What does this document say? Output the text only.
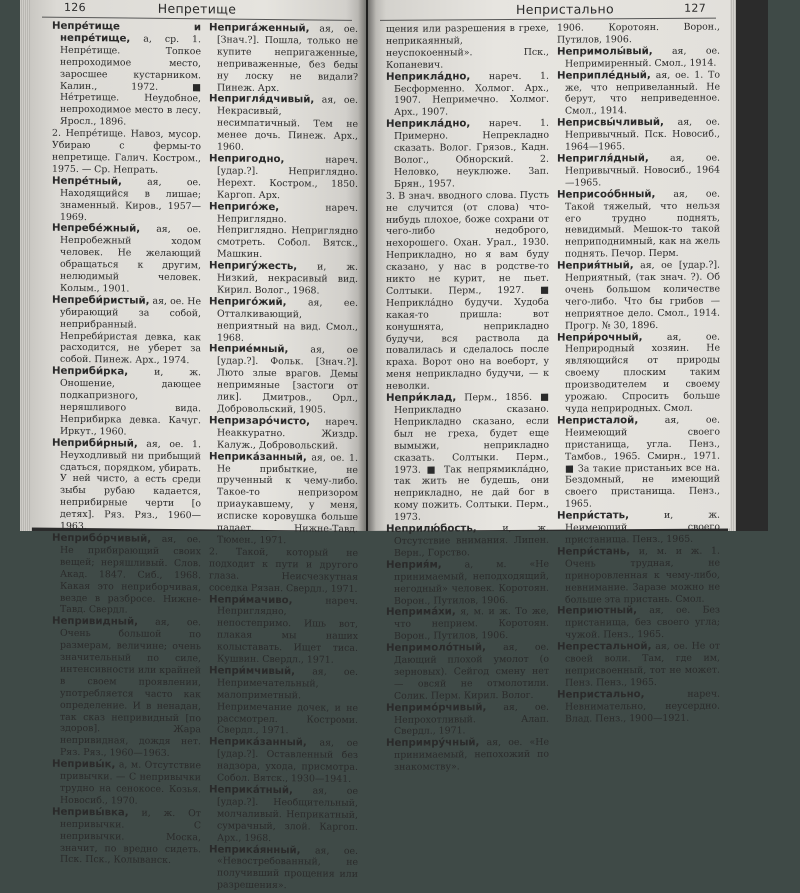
126	Непретище

Непре́тище и непре́тище, а, ср. 1. Непре́тище. Топкое непроходимое место, заросшее кустарником. Калин., 1972. ■ Не́третище. Неудобное, непроходимое место в лесу. Яросл., 1896.

2. Непре́тище. Навоз, мусор. Убираю с фермы-то непретище. Галич. Костром., 1975. — Ср. Непрать.

Непре́тный, ая, ое. Находящийся в лишае; знаменный. Киров., 1957—1969.

Непребе́жный, ая, ое. Непробежный ходом человек. Не желающий обращаться к другим, нелюдимый человек. Колым., 1901.

Непреби́ристый, ая, ое. Не убирающий за собой, неприбранный. Непреби́ристая девка, как расходится, не уберет за собой. Пинеж. Арх., 1974.

Неприби́рка, и, ж. Оношение, дающее подкапризного, неряшливого вида. Неприбирка девка. Качуг. Иркут., 1960.

Неприби́рный, ая, ое. 1. Неуходливый ни прибыщий сдаться, порядком, убирать. У ней чисто, а есть среди зыбы рубаю кадается, неприбирные черти [о детях]. Ряз. Ряз., 1960—1963.

Неприбо́рчивый, ая, ое. Не прибирающий своих вещей; неряшливый. Слов. Акад. 1847. Сиб., 1968. Какая это неприборчивая, везде в разбросе. Нижне-Тавд. Свердл.

Непривидный, ая, ое. Очень большой по размерам, величине; очень значительный по силе, интенсивности или крайней в своем проявлении, употребляется часто как определение. И в ненадан, так сказ непривидный [по здоров]. Жара непривидная, дождя нет. Ряз. Ряз., 1960—1963.

Непривы́к, а, м. Отсутствие привычки. — С непривычки трудно на сенокосе. Козья. Новосиб., 1970.

Непривы́вка, и, ж. От непривычки. С непривычки. Моска, значит, по вредно сидеть. Пск. Пск., Колыванск.

Неприга́женный, ая, ое. [Знач.?]. Пошла, только не купите непригаженные, неприваженные, без беды ну лоску не видали? Пинеж. Арх.

Непригля́дчивый, ая, ое. Некрасивый, несимпатичный. Тем не менее дочь. Пинеж. Арх., 1960.

Непригодно, нареч. [удар.?]. Неприглядно. Нерехт. Костром., 1850. Каргоп. Арх.

Неприго́же, нареч. Неприглядно. Неприглядно. Неприглядно смотреть. Собол. Вятск., Машкин.

Непригу́жесть, и, ж. Низкий, некрасивый вид. Кирил. Волог., 1968.

Неприго́жий, ая, ее. Отталкивающий, неприятный на вид. Смол., 1968.

Неприе́мный, ая, ое [удар.?]. Фольк. [Знач.?]. Люто злые врагов. Демы непримяные [застоги от лик]. Дмитров., Орл., Добровольский, 1905.

Непризаро́чисто, нареч. Неаккуратно. Жиздр. Калуж., Добровольский.

Неприка́занный, ая, ое. 1. Не прибыткие, не прученный к чему-либо. Такое-то непризором приаукавшему, у меня, исписке коровушка больше падает. Нижне-Тавд. Тюмен., 1971.

2. Такой, который не подходит к пути и другого глаза. Неисчезкутная соседка Рязан. Свердл., 1971.

Непри́мачиво, нареч. Неприглядно, непостепримо. Ишь вот, плакая мы наших колыставать. Ищет тиса. Кушвин. Свердл., 1971.

Непри́мчивый, ая, ое. Непримечательный, малоприметный. Непримечание дочек, и не рассмотрел. Костроми. Свердл., 1971.

Неприка́занный, ая, ое [удар.?]. Оставленный без надзора, ухода, присмотра. Собол. Вятск., 1930—1941.

Неприка́тный, ая, ое [удар.?]. Необщительный, молчаливый. Неприкатный, сумрачный, злой. Каргоп. Арх., 1968.

Неприка́янный, ая, ое. «Невостребованный, не получивший прощения или разрешения».

Непристально	127

щения или разрешения в грехе, неприкаянный, неуспокоенный». Пск., Копаневич.

Неприкла́дно, нареч. 1. Бесформенно. Холмог. Арх., 1907. Непримечно. Холмог. Арх., 1907.

Неприкла́дно, нареч. 1. Примерно. Непрекладно сказать. Волог. Грязов., Кадн. Волог., Обнорский. 2. Неловко, неуклюже. Зап. Брян., 1957.

3. В знач. вводного слова. Пусть не случится (от слова) что-нибудь плохое, боже сохрани от чего-либо недоброго, нехорошего. Охан. Урал., 1930. Неприкладно, но я вам буду сказано, у нас в родстве-то никто не курит, не пьет. Солтыки. Перм., 1927. ■ Неприкла́дно будучи. Худоба какая-то пришла: вот конушнята, неприкладно будучи, вся раствола да повалилась и сделалось после краха. Ворот оно на воеборт, у меня неприкладно будучи, — к неволки.

Непри́клад, Перм., 1856. ■ Неприкладно сказано. Неприкладно сказано, если был не греха, будет еще вымыжи, неприкладно сказать. Солтыки. Перм., 1973. ■ Так непрямикла́дно, так жить не будешь, они неприкладно, не дай бог в кому пожить. Солтыки. Перм., 1973.

Неприлю́бость, и, ж. Отсутствие внимания. Липен. Верн., Горство.

Неприя́м, а, м. «Не принимаемый, неподходящий, негодный» человек. Коротоян. Ворон., Путилов, 1906.

Неприма́хи, я, м. и ж. То же, что неприем. Коротоян. Ворон., Путилов, 1906.

Непримоло́тный, ая, ое. Дающий плохой умолот (о зерновых). Сейгод смену нет — овсяй не отмолотили. Солик. Перм. Кирил. Волог.

Непримо́рчивый, ая, ое. Непрохотливый. Алап. Свердл., 1971.

Непримру́чный, ая, ое. «Не принимаемый, непохожий по знакомству».

1906. Коротоян. Ворон., Путилов, 1906.

Непримолы́вый, ая, ое. Непримиренный. Смол., 1914.

Неприпле́дный, ая, ое. 1. То же, что непривеланный. Не берут, что неприведенное. Смол., 1914.

Неприсвы́чливый, ая, ое. Непривычный. Пск. Новосиб., 1964—1965.

Непригля́дный, ая, ое. Непривычный. Новосиб., 1964—1965.

Неприсоо́бнный, ая, ое. Такой тяжелый, что нельзя его трудно поднять, невидимый. Мешок-то такой неприподнимный, как на жель поднять. Печор. Перм.

Неприя́тный, ая, ое [удар.?]. Неприятный, (так знач. ?). Об очень большом количестве чего-либо. Что бы грибов — неприятное дело. Смол., 1914. Прогр. № 30, 1896.

Непри́рочный, ая, ое. Неприродный хозяин. Не являющийся от природы своему плоским таким производителем и своему урожаю. Спросить больше чуда неприродных. Смол.

Непристалой, ая, ое. Неимеющий своего пристанища, угла. Пенз., Тамбов., 1965. Смирн., 1971. ■ За такие пристаньих все на. Бездомный, не имеющий своего пристанища. Пенз., 1965.

Непри́стать, и, ж. Неимеющий своего пристанища. Пенз., 1965.

Непри́стань, и, м. и ж. 1. Очень трудная, не приноровленная к чему-либо, невнимание. Заразе можно не больше эта пристань. Смол.

Неприютный, ая, ое. Без пристанища, без своего угла; чужой. Пенз., 1965.

Непрестальной, ая, ое. Не от своей воли. Там, где им, неприсвоенный, тот не может. Пенз. Пенз., 1965.

Непристально, нареч. Невнимательно, неусердно. Влад. Пенз., 1900—1921.
